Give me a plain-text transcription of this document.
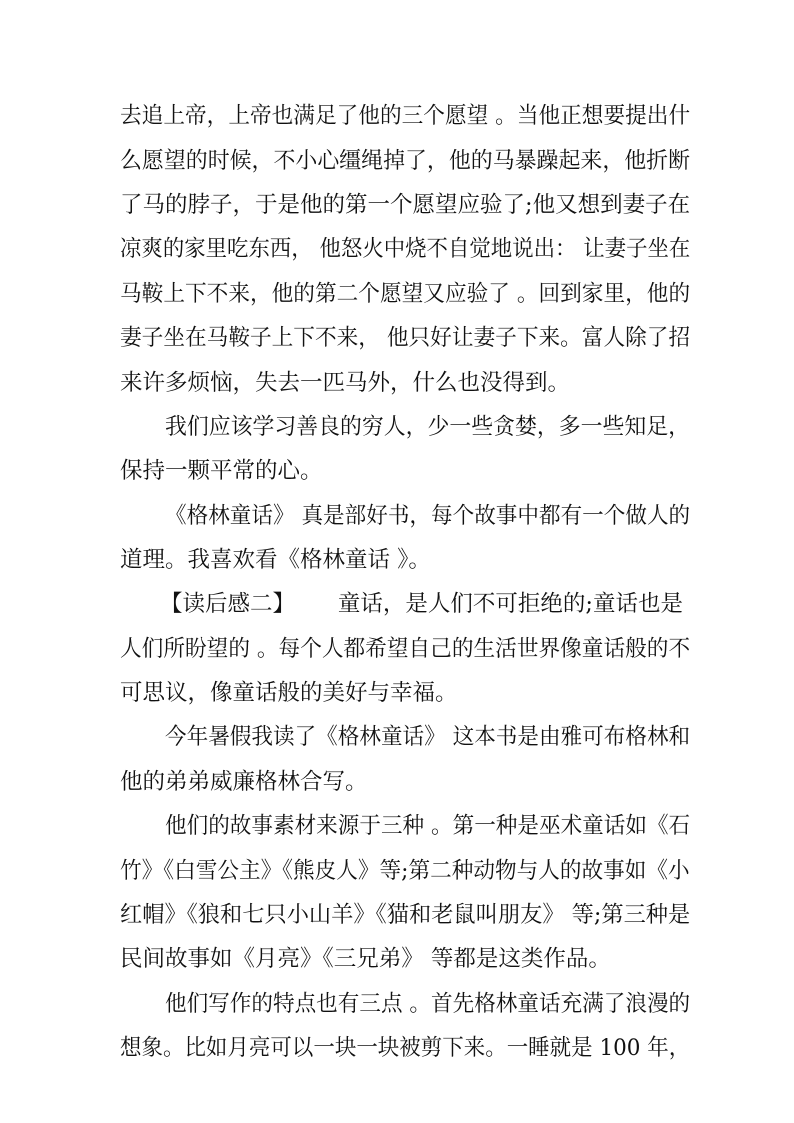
去追上帝，上帝也满足了他的三个愿望 。当他正想要提出什
么愿望的时候，不小心缰绳掉了，他的马暴躁起来，他折断
了马的脖子，于是他的第一个愿望应验了;他又想到妻子在
凉爽的家里吃东西， 他怒火中烧不自觉地说出： 让妻子坐在
马鞍上下不来，他的第二个愿望又应验了 。回到家里，他的
妻子坐在马鞍子上下不来， 他只好让妻子下来。富人除了招
来许多烦恼，失去一匹马外，什么也没得到。
我们应该学习善良的穷人，少一些贪婪，多一些知足，
保持一颗平常的心。
《格林童话》 真是部好书，每个故事中都有一个做人的
道理。我喜欢看《格林童话 》。
【读后感二】      童话，是人们不可拒绝的;童话也是
人们所盼望的 。每个人都希望自己的生活世界像童话般的不
可思议，像童话般的美好与幸福。
今年暑假我读了《格林童话》 这本书是由雅可布格林和
他的弟弟威廉格林合写。
他们的故事素材来源于三种 。第一种是巫术童话如《石
竹》《白雪公主》《熊皮人》等;第二种动物与人的故事如《小
红帽》《狼和七只小山羊》《猫和老鼠叫朋友》 等;第三种是
民间故事如《月亮》《三兄弟》 等都是这类作品。
他们写作的特点也有三点 。首先格林童话充满了浪漫的
想象。比如月亮可以一块一块被剪下来。一睡就是 100 年，
